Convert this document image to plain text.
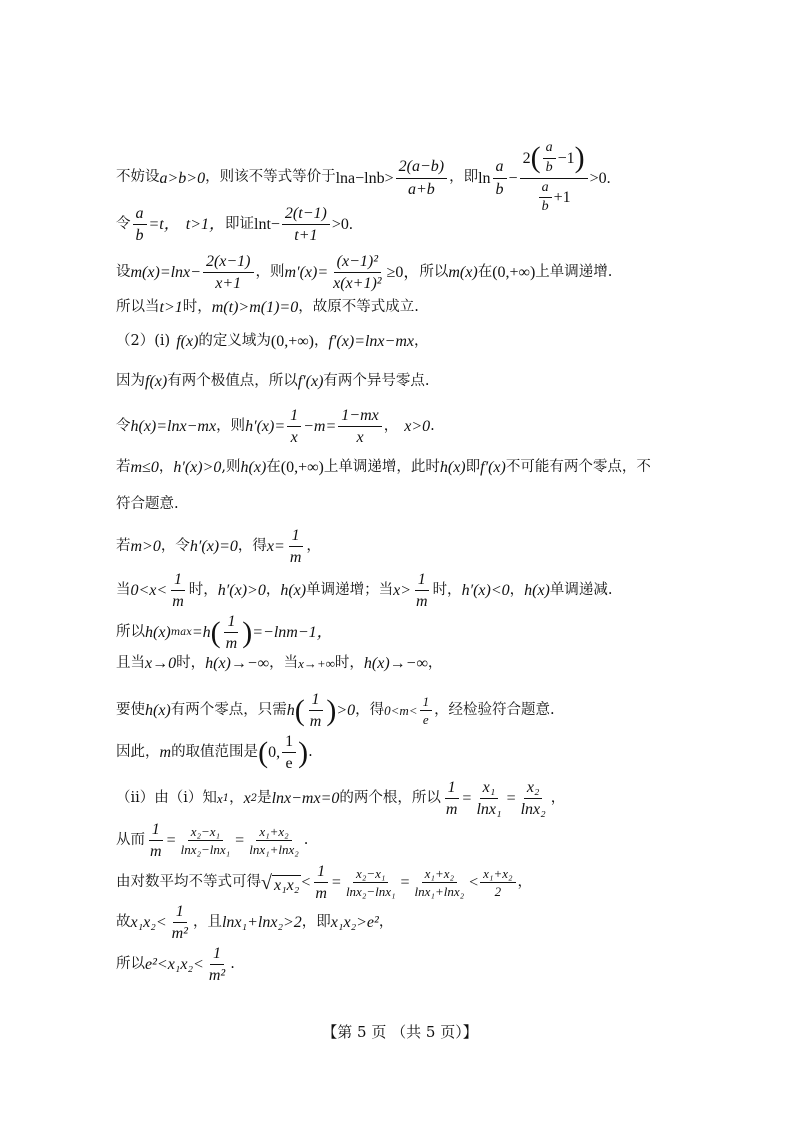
不妨设 a>b>0 ，则该不等式等价于 $\ln a-\ln b> \frac{2(a-b)}{a+b}$ ，即 $\ln \frac{a}{b}$ −
2 ( $\frac{a}{b} -1$ )
$\frac{a}{b} +1$
>0.
令 $\frac{a}{b} =t$， t>1， 即证 $\ln t- \frac{2(t-1)}{t+1} >0$.
设 $m(x)=\ln x- \frac{2(x-1)}{x+1}$ ，则 $m'(x)= \frac{\text{(x−1)²}}{\text{x(x+1)²}} \ge 0$， 所以 m(x) 在 (0,+∞) 上单调递增.
所以当 t>1 时， m(t)>m(1)=0 ，故原不等式成立.
（2）(i) f(x) 的定义域为 (0,+∞) ， f′(x)=lnx−mx ，
因为 f(x) 有两个极值点，所以 f′(x) 有两个异号零点.
令 h(x)=lnx−mx ，则 $h'(x)= \frac{1}{x} -m= \frac{1-mx}{x}$ ， x>0 .
若 m≤0 ， h′(x)>0 ,则 h(x) 在 (0,+∞) 上单调递增，此时 h(x) 即 f′(x) 不可能有两个零点，不
符合题意.
若 m>0 ，令 h′(x)=0 ，得 $x= \frac{1}{m}$ ，
当 $0<x< \frac{1}{m}$ 时， h′(x)>0 ， h(x) 单调递增；当 $x> \frac{1}{m}$ 时， h′(x)<0 ， h(x) 单调递减.
所以 h(x) max =h ( $\frac{1}{m}$ ) =−lnm−1，
且当 x→0 时， h(x)→−∞ ，当 x→+∞ 时， h(x)→−∞ ，
要使 h(x) 有两个零点，只需 h ( $\frac{1}{m}$ ) >0 ，得 $0<m< \frac{1}{e}$ ，经检验符合题意.
因此， m 的取值范围是 ( 0, $\frac{1}{e}$ ) .
（ii）由（i）知 x 1 ， x 2 是 lnx−mx=0 的两个根，所以 $\frac{1}{m} = \frac{\text{x₁}}{\text{lnx₁}} = \frac{\text{x₂}}{\text{lnx₂}}$ ，
从而 $\frac{1}{m} = \frac{\text{x₂−x₁}}{\text{lnx₂−lnx₁}} = \frac{\text{x₁+x₂}}{\text{lnx₁+lnx₂}}$ .
由对数平均不等式可得 √ $x_1x_2 < \frac{1}{m} = \frac{\text{x₂−x₁}}{\text{lnx₂−lnx₁}} = \frac{\text{x₁+x₂}}{\text{lnx₁+lnx₂}} < \frac{\text{x₁+x₂}}{2}$ ，
故 $x_1x_2< \frac{1}{\text{m²}}$ ，且 lnx₁+lnx₂>2 ，即 x₁x₂>e² ，
所以 $e^2<x_1x_2< \frac{1}{\text{m²}}$ .
【第 5 页 （共 5 页）】
